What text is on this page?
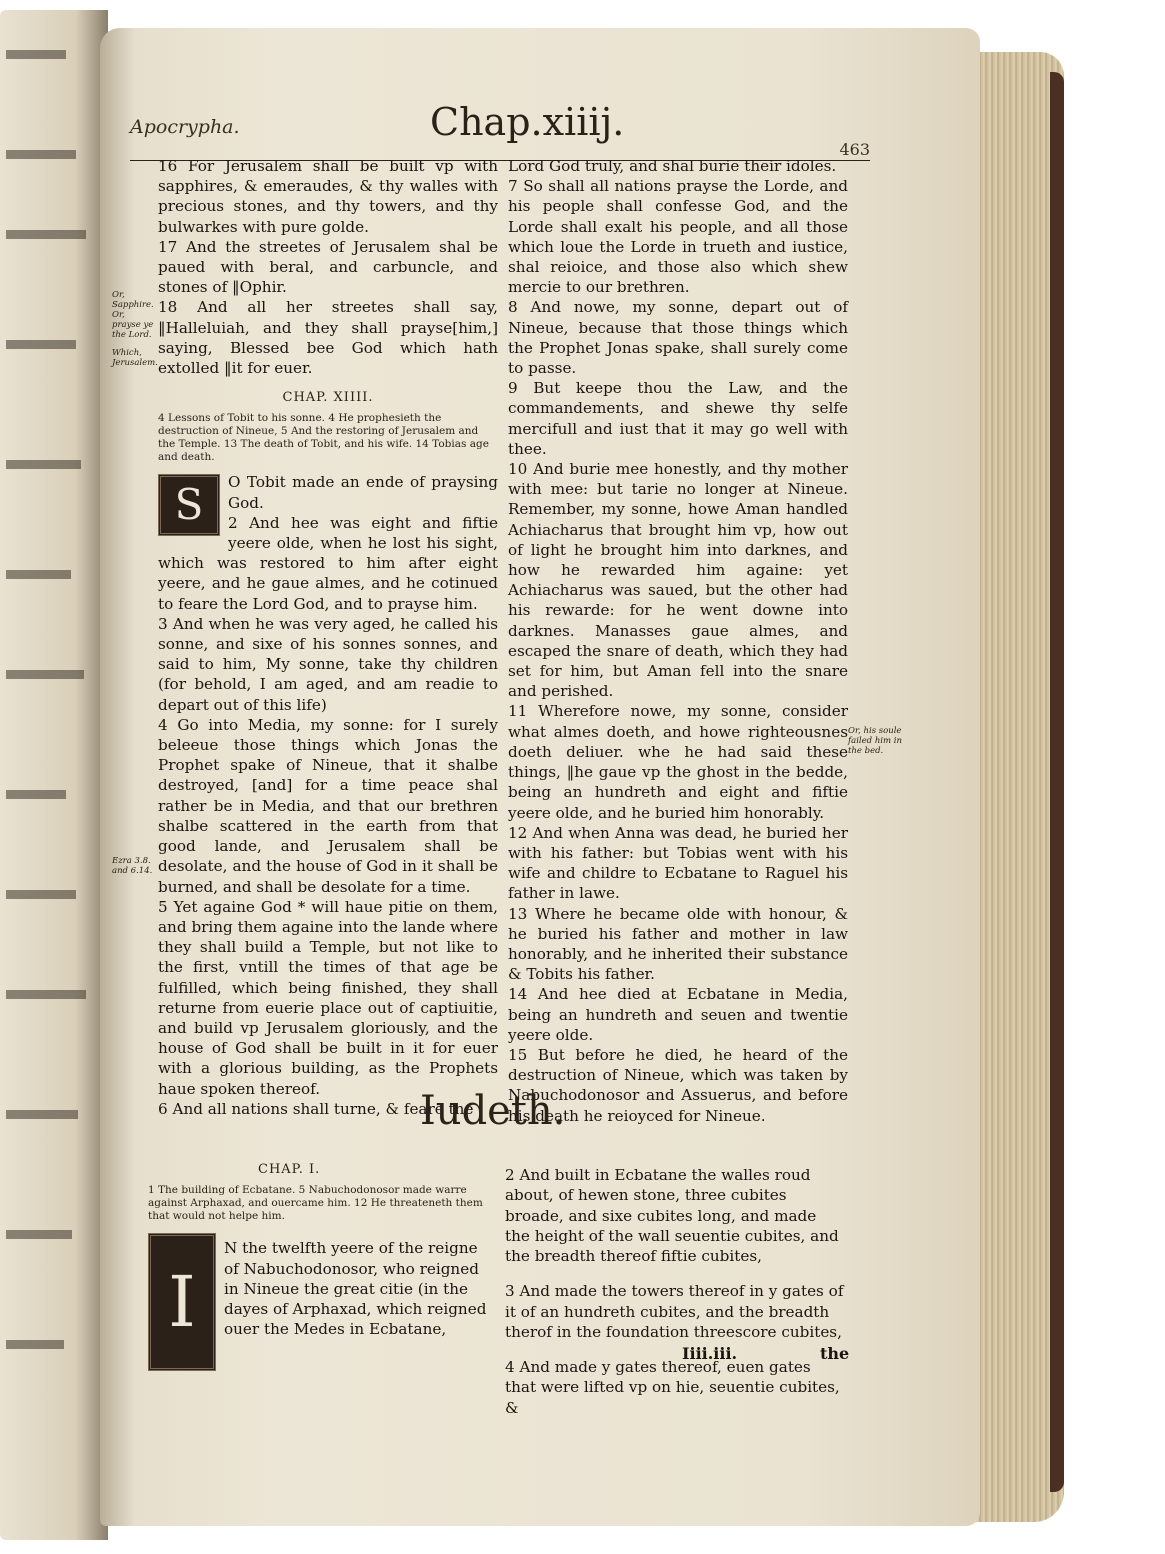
Apocrypha.	Chap.xiiij.
463
Or, Sapphire.
Or, prayse ye the Lord.
Which, Jerusalem.
Ezra 3.8. and 6.14.
Or, his soule failed him in the bed.

16 For Jerusalem shall be built vp with sapphires, & emeraudes, & thy walles with precious stones, and thy towers, and thy bulwarkes with pure golde.

17 And the streetes of Jerusalem shal be paued with beral, and carbuncle, and stones of ‖Ophir.

18 And all her streetes shall say, ‖Halleluiah, and they shall prayse[him,] saying, Blessed bee God which hath extolled ‖it for euer.

CHAP. XIIII.
4 Lessons of Tobit to his sonne. 4 He prophesieth the destruction of Nineue, 5 And the restoring of Jerusalem and the Temple. 13 The death of Tobit, and his wife. 14 Tobias age and death.
S	O Tobit made an ende of praysing God.

2 And hee was eight and fiftie yeere olde, when he lost his sight, which was restored to him after eight yeere, and he gaue almes, and he cotinued to feare the Lord God, and to prayse him.

3 And when he was very aged, he called his sonne, and sixe of his sonnes sonnes, and said to him, My sonne, take thy children (for behold, I am aged, and am readie to depart out of this life)

4 Go into Media, my sonne: for I surely beleeue those things which Jonas the Prophet spake of Nineue, that it shalbe destroyed, [and] for a time peace shal rather be in Media, and that our brethren shalbe scattered in the earth from that good lande, and Jerusalem shall be desolate, and the house of God in it shall be burned, and shall be desolate for a time.

5 Yet againe God * will haue pitie on them, and bring them againe into the lande where they shall build a Temple, but not like to the first, vntill the times of that age be fulfilled, which being finished, they shall returne from euerie place out of captiuitie, and build vp Jerusalem gloriously, and the house of God shall be built in it for euer with a glorious building, as the Prophets haue spoken thereof.

6 And all nations shall turne, & feare the

Lord God truly, and shal burie their idoles.

7 So shall all nations prayse the Lorde, and his people shall confesse God, and the Lorde shall exalt his people, and all those which loue the Lorde in trueth and iustice, shal reioice, and those also which shew mercie to our brethren.

8 And nowe, my sonne, depart out of Nineue, because that those things which the Prophet Jonas spake, shall surely come to passe.

9 But keepe thou the Law, and the commandements, and shewe thy selfe mercifull and iust that it may go well with thee.

10 And burie mee honestly, and thy mother with mee: but tarie no longer at Nineue. Remember, my sonne, howe Aman handled Achiacharus that brought him vp, how out of light he brought him into darknes, and how he rewarded him againe: yet Achiacharus was saued, but the other had his rewarde: for he went downe into darknes. Manasses gaue almes, and escaped the snare of death, which they had set for him, but Aman fell into the snare and perished.

11 Wherefore nowe, my sonne, consider what almes doeth, and howe righteousnes doeth deliuer. whe he had said these things, ‖he gaue vp the ghost in the bedde, being an hundreth and eight and fiftie yeere olde, and he buried him honorably.

12 And when Anna was dead, he buried her with his father: but Tobias went with his wife and childre to Ecbatane to Raguel his father in lawe.

13 Where he became olde with honour, & he buried his father and mother in law honorably, and he inherited their substance & Tobits his father.

14 And hee died at Ecbatane in Media, being an hundreth and seuen and twentie yeere olde.

15 But before he died, he heard of the destruction of Nineue, which was taken by Nabuchodonosor and Assuerus, and before his death he reioyced for Nineue.

Iudeth.
CHAP. I.
1 The building of Ecbatane. 5 Nabuchodonosor made warre against Arphaxad, and ouercame him. 12 He threateneth them that would not helpe him.
I

N the twelfth yeere of the reigne of Nabuchodonosor, who reigned in Nineue the great citie (in the dayes of Arphaxad, which reigned ouer the Medes in Ecbatane,

2 And built in Ecbatane the walles roud about, of hewen stone, three cubites broade, and sixe cubites long, and made the height of the wall seuentie cubites, and the breadth thereof fiftie cubites,

3 And made the towers thereof in y gates of it of an hundreth cubites, and the breadth therof in the foundation threescore cubites,

4 And made y gates thereof, euen gates that were lifted vp on hie, seuentie cubites, &

Iiii.iii.	the
